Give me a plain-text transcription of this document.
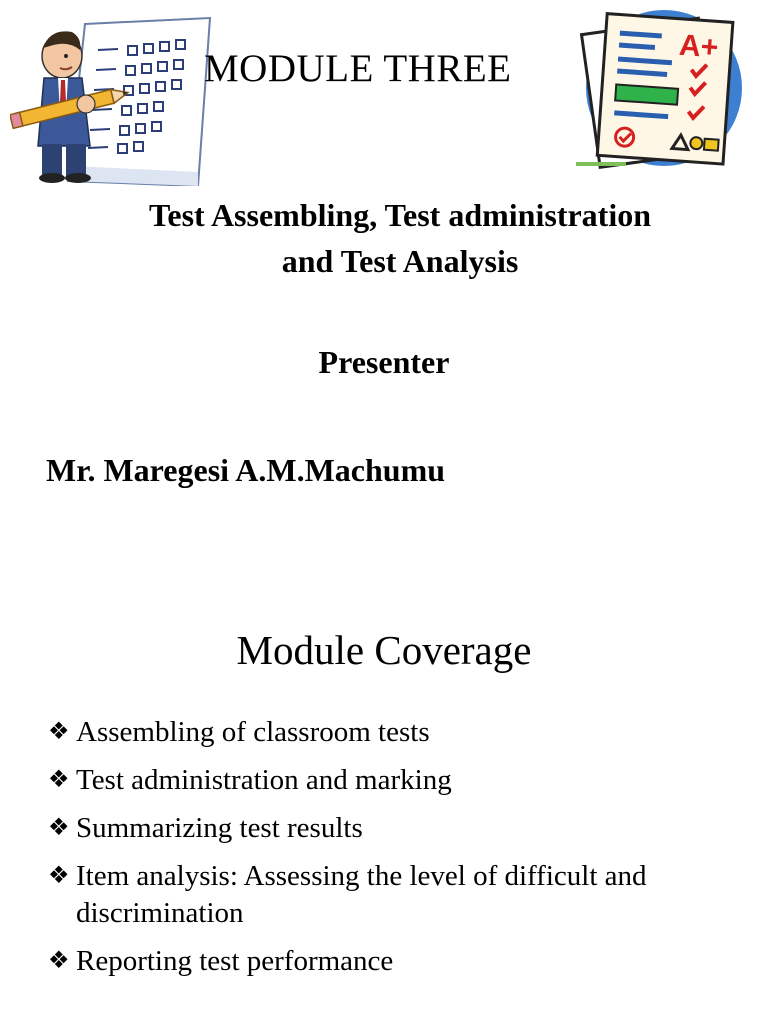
A+
MODULE THREE
Test Assembling, Test administration
and Test Analysis
Presenter
Mr. Maregesi A.M.Machumu
Module Coverage
❖ Assembling of classroom tests
❖ Test administration and marking
❖ Summarizing test results
❖ Item analysis: Assessing the level of difficult and discrimination
❖ Reporting test performance
